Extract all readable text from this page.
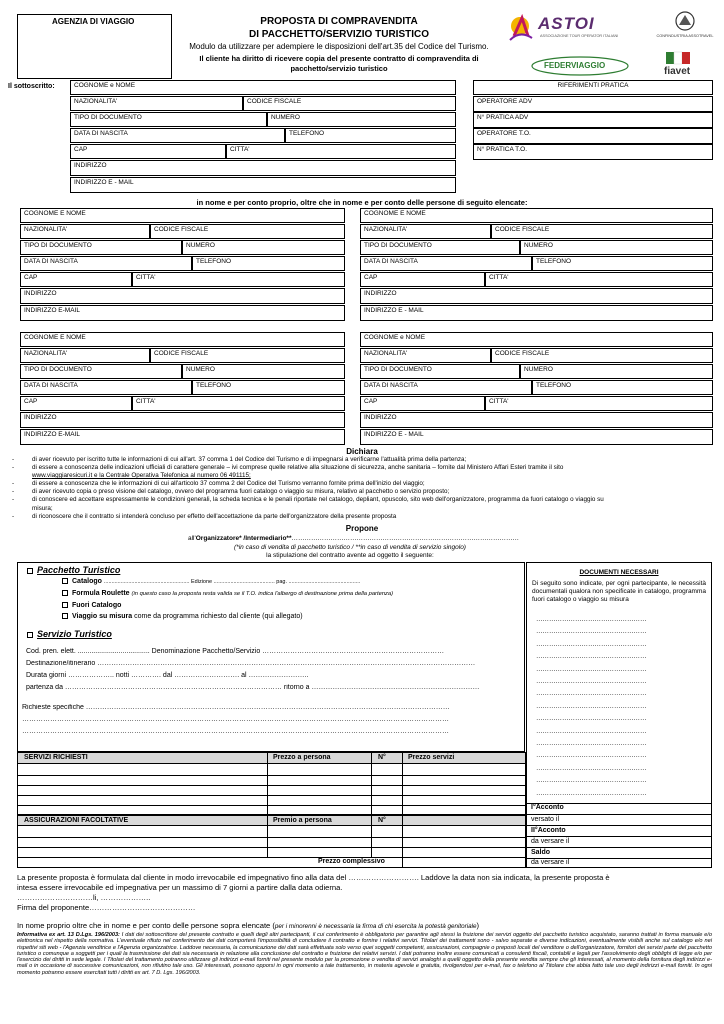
AGENZIA DI VIAGGIO	PROPOSTA DI COMPRAVENDITA
DI PACCHETTO/SERVIZIO TURISTICO
Modulo da utilizzare per adempiere le disposizioni dell'art.35 del Codice del Turismo.
Il cliente ha diritto di ricevere copia del presente contratto di compravendita di
pacchetto/servizio turistico
ASTOI
ASSOCIAZIONE TOUR OPERATOR ITALIANI	CONFINDUSTRIA ASSOTRAVEL
FEDERVIAGGIO
fiavet
Il sottoscritto:	COGNOME e NOME
NAZIONALITA'	CODICE FISCALE
TIPO DI DOCUMENTO	NUMERO
DATA DI NASCITA	TELEFONO
CAP	CITTA'
INDIRIZZO
INDIRIZZO E - MAIL
RIFERIMENTI PRATICA
OPERATORE ADV
N° PRATICA ADV
OPERATORE T.O.
N° PRATICA T.O.
in nome e per conto proprio, oltre che in nome e per conto delle persone di seguito elencate:
COGNOME E NOME
NAZIONALITA'	CODICE FISCALE
TIPO DI DOCUMENTO	NUMERO
DATA DI NASCITA	TELEFONO
CAP	CITTA'
INDIRIZZO
INDIRIZZO E-MAIL
COGNOME E NOME
NAZIONALITA'	CODICE FISCALE
TIPO DI DOCUMENTO	NUMERO
DATA DI NASCITA	TELEFONO
CAP	CITTA'
INDIRIZZO
INDIRIZZO E - MAIL
COGNOME E NOME
NAZIONALITA'	CODICE FISCALE
TIPO DI DOCUMENTO	NUMERO
DATA DI NASCITA	TELEFONO
CAP	CITTA'
INDIRIZZO
INDIRIZZO E-MAIL
COGNOME e NOME
NAZIONALITA'	CODICE FISCALE
TIPO DI DOCUMENTO	NUMERO
DATA DI NASCITA	TELEFONO
CAP	CITTA'
INDIRIZZO
INDIRIZZO E - MAIL
Dichiara
-	di aver ricevuto per iscritto tutte le informazioni di cui all'art. 37 comma 1 del Codice del Turismo e di impegnarsi a verificarne l'attualità prima della partenza;
-	di essere a conoscenza delle indicazioni ufficiali di carattere generale – ivi comprese quelle relative alla situazione di sicurezza, anche sanitaria – fornite dal Ministero Affari Esteri tramite il sito
www.viaggiaresicuri.it e la Centrale Operativa Telefonica al numero 06 491115;
-	di essere a conoscenza che le informazioni di cui all'articolo 37 comma 2 del Codice del Turismo verranno fornite prima dell'inizio del viaggio;
-	di aver ricevuto copia o preso visione del catalogo, ovvero del programma fuori catalogo o viaggio su misura, relativo al pacchetto o servizio proposto;
-	di conoscere ed accettare espressamente le condizioni generali, la scheda tecnica e le penali riportate nel catalogo, depliant, opuscolo, sito web dell'organizzatore, programma da fuori catalogo o viaggio su
misura;
-	di riconoscere che il contratto si intenderà concluso per effetto dell'accettazione da parte dell'organizzatore della presente proposta
Propone
all'Organizzatore* /Intermediario**……………………………………………………………………………………………
(*in caso di vendita di pacchetto turistico / **in caso di vendita di servizio singolo)
la stipulazione del contratto avente ad oggetto il seguente:
Pacchetto Turistico
Catalogo ........................................................ Edizione ........................................ pag. ...............................................
Formula Roulette (in questo caso la proposta resta valida se il T.O. indica l'albergo di destinazione prima della partenza)
Fuori Catalogo
Viaggio su misura come da programma richiesto dal cliente (qui allegato)
Servizio Turistico
Cod. pren. elett. ..................................... Denominazione Pacchetto/Servizio ……………………………………………………………………
Destinazione/itinerario ………………………………………………………………………………………………………………………………………………
Durata giorni ……………….. notti …………. dal ………………………. al ……………………..
partenza da ………………………………………………………………………………… ritorno a ………………………………………………………………
Richieste specifiche …………………………………………………………………………………………………………………………………………
…………………………………………………………………………………………………………………………………………………………………
…………………………………………………………………………………………………………………………………………………………………
DOCUMENTI NECESSARI
Di seguito sono indicate, per ogni partecipante, le necessità documentali qualora non specificate in catalogo, programma fuori catalogo o viaggio su misura
……………………………………………
……………………………………………
……………………………………………
……………………………………………
……………………………………………
……………………………………………
……………………………………………
……………………………………………
……………………………………………
……………………………………………
……………………………………………
……………………………………………
……………………………………………
……………………………………………
……………………………………………
SERVIZI RICHIESTI	Prezzo a persona	N°	Prezzo servizi
ASSICURAZIONI FACOLTATIVE	Premio a persona	N°
Prezzo complessivo
I°Acconto
versato il
II°Acconto
da versare il
Saldo
da versare il
La presente proposta è formulata dal cliente in modo irrevocabile ed impegnativo fino alla data del ………………………. Laddove la data non sia indicata, la presente proposta è
intesa essere irrevocabile ed impegnativa per un massimo di 7 giorni a partire dalla data odierna.
…………………………li, ………………..
Firma del proponente……………………………………
In nome proprio oltre che in nome e per conto delle persone sopra elencate (per i minorenni è necessaria la firma di chi esercita la potestà genitoriale)
Informativa ex art. 13 D.Lgs. 196/2003: I dati dei sottoscrittore del presente contratto e quelli degli altri partecipanti, il cui conferimento è obbligatorio per garantire agli stessi la fruizione dei servizi oggetto del pacchetto turistico acquistato, saranno trattati in forma manuale e/o elettronica nel rispetto della normativa. L'eventuale rifiuto nel conferimento dei dati comporterà l'impossibilità di concludere il contratto e fornire i relativi servizi. Titolari dei trattamenti sono - salvo separate e diverse indicazioni, eventualmente visibili anche sul catalogo e/o nei rispettivi siti web - l'Agenzia venditrice e l'Agenzia organizzatrice. Laddove necessaria, la comunicazione dei dati sarà effettuata solo verso quei soggetti competenti, assicurazioni, compagnie o preposti locali del venditore o dell'organizzatore, fornitori dei servizi parte del pacchetto turistico o comunque a soggetti per i quali la trasmissione dei dati sia necessaria in relazione alla conclusione del contratto e fruizione dei relativi servizi. I dati potranno inoltre essere comunicati a consulenti fiscali, contabili e legali per l'assolvimento degli obblighi di legge e/o per l'esercizio dei diritti in sede legale. I Titolari del trattamento potranno utilizzare gli indirizzi e-mail forniti nel presente modulo per la promozione o vendita di servizi analoghi a quelli oggetto della presente vendita sempre che gli interessati, al momento della fornitura degli indirizzi e-mail o in occasione di successive comunicazioni, non rifiutino tale uso. Gli interessati, possono opporsi in ogni momento a tale trattamento, in materia agevole e gratuita, rivolgendosi per e-mail, fax o telefono al Titolare che abbia fatto tale uso degli indirizzi e-mail forniti. In ogni momento potranno essere esercitati tutti i diritti ex art. 7 D. Lgs. 196/2003.
